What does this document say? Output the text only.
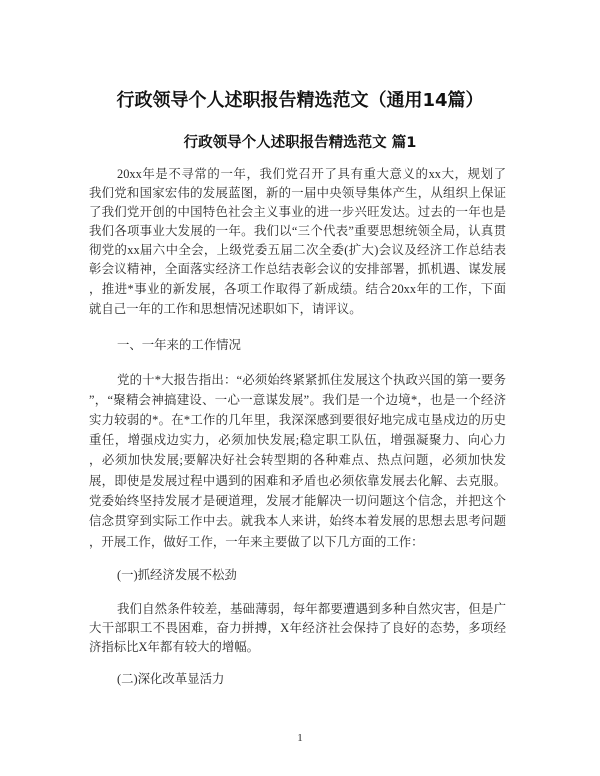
行政领导个人述职报告精选范文（通用14篇）
行政领导个人述职报告精选范文 篇1
20xx年是不寻常的一年，我们党召开了具有重大意义的xx大，规划了
我们党和国家宏伟的发展蓝图，新的一届中央领导集体产生，从组织上保证
了我们党开创的中国特色社会主义事业的进一步兴旺发达。过去的一年也是
我们各项事业大发展的一年。我们以“三个代表”重要思想统领全局，认真贯
彻党的xx届六中全会，上级党委五届二次全委(扩大)会议及经济工作总结表
彰会议精神，全面落实经济工作总结表彰会议的安排部署，抓机遇、谋发展
，推进*事业的新发展，各项工作取得了新成绩。结合20xx年的工作，下面
就自己一年的工作和思想情况述职如下，请评议。
一、一年来的工作情况
党的十*大报告指出：“必须始终紧紧抓住发展这个执政兴国的第一要务
”，“聚精会神搞建设、一心一意谋发展”。我们是一个边境*，也是一个经济
实力较弱的*。在*工作的几年里，我深深感到要很好地完成屯垦戍边的历史
重任，增强戍边实力，必须加快发展;稳定职工队伍，增强凝聚力、向心力
，必须加快发展;要解决好社会转型期的各种难点、热点问题，必须加快发
展，即使是发展过程中遇到的困难和矛盾也必须依靠发展去化解、去克服。
党委始终坚持发展才是硬道理，发展才能解决一切问题这个信念，并把这个
信念贯穿到实际工作中去。就我本人来讲，始终本着发展的思想去思考问题
，开展工作，做好工作，一年来主要做了以下几方面的工作：
(一)抓经济发展不松劲
我们自然条件较差，基础薄弱，每年都要遭遇到多种自然灾害，但是广
大干部职工不畏困难，奋力拼搏，X年经济社会保持了良好的态势，多项经
济指标比X年都有较大的增幅。
(二)深化改革显活力
1
